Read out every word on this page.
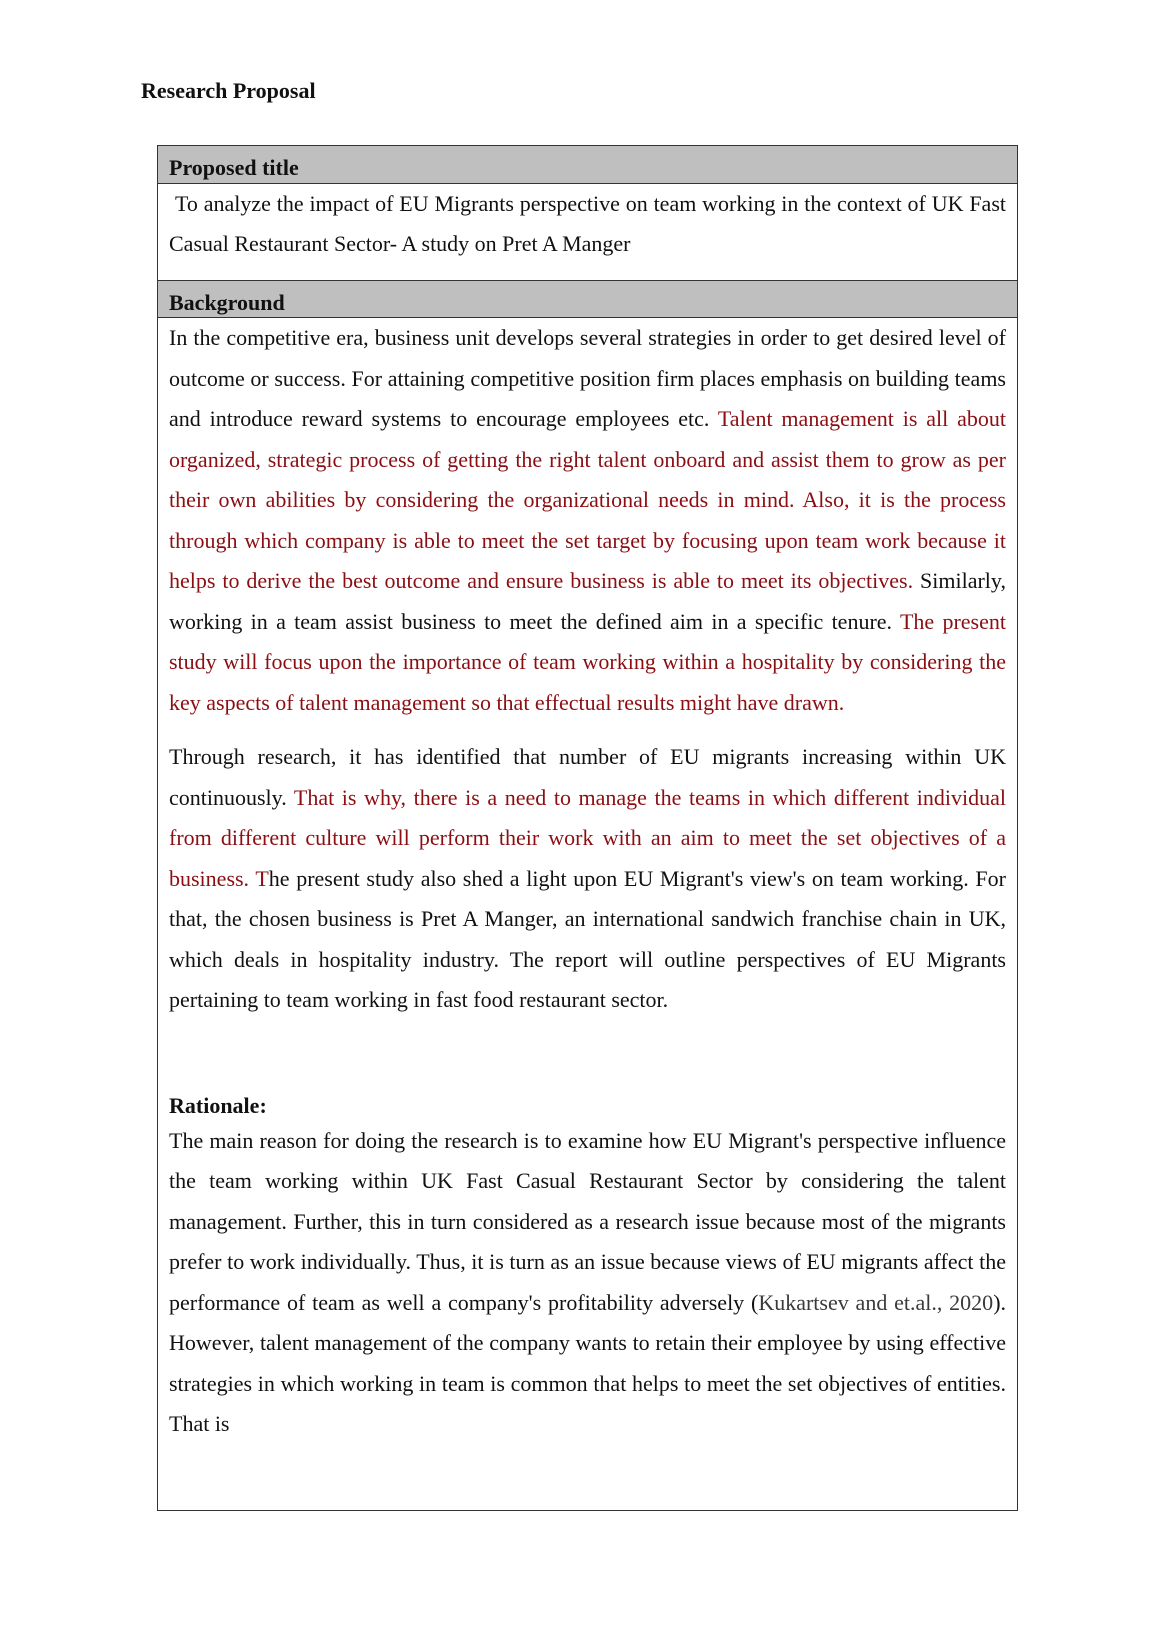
Research Proposal
Proposed title

To analyze the impact of EU Migrants perspective on team working in the context of UK Fast Casual Restaurant Sector- A study on Pret A Manger

Background

In the competitive era, business unit develops several strategies in order to get desired level of outcome or success. For attaining competitive position firm places emphasis on building teams and introduce reward systems to encourage employees etc. Talent management is all about organized, strategic process of getting the right talent onboard and assist them to grow as per their own abilities by considering the organizational needs in mind. Also, it is the process through which company is able to meet the set target by focusing upon team work because it helps to derive the best outcome and ensure business is able to meet its objectives. Similarly, working in a team assist business to meet the defined aim in a specific tenure. The present study will focus upon the importance of team working within a hospitality by considering the key aspects of talent management so that effectual results might have drawn.

Through research, it has identified that number of EU migrants increasing within UK continuously. That is why, there is a need to manage the teams in which different individual from different culture will perform their work with an aim to meet the set objectives of a business. The present study also shed a light upon EU Migrant's view's on team working. For that, the chosen business is Pret A Manger, an international sandwich franchise chain in UK, which deals in hospitality industry. The report will outline perspectives of EU Migrants pertaining to team working in fast food restaurant sector.

Rationale:

The main reason for doing the research is to examine how EU Migrant's perspective influence the team working within UK Fast Casual Restaurant Sector by considering the talent management. Further, this in turn considered as a research issue because most of the migrants prefer to work individually. Thus, it is turn as an issue because views of EU migrants affect the performance of team as well a company's profitability adversely (Kukartsev and et.al., 2020). However, talent management of the company wants to retain their employee by using effective strategies in which working in team is common that helps to meet the set objectives of entities. That is
